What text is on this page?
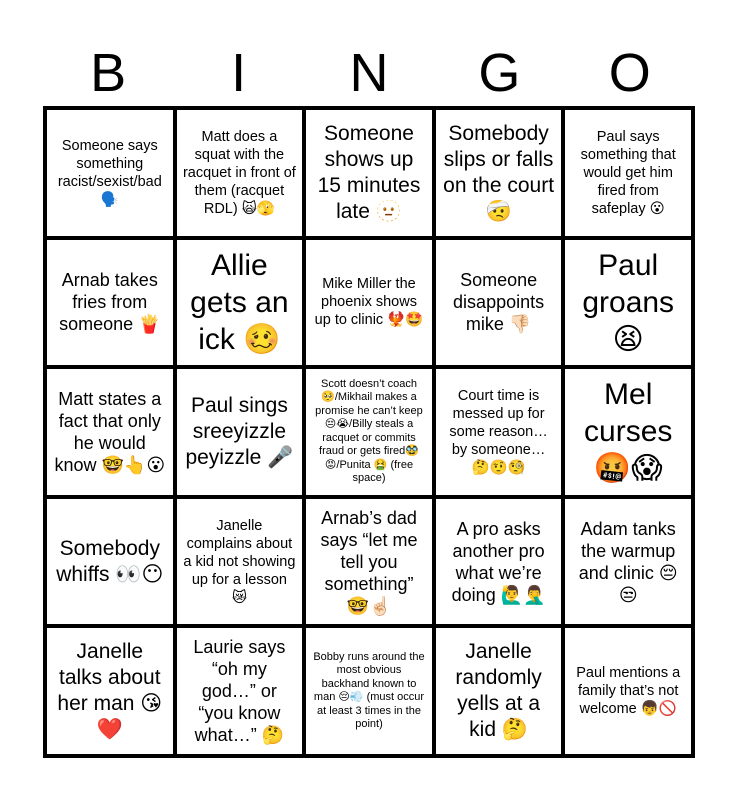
B	I	N	G	O
Someone says something racist/sexist/bad 🗣️
Matt does a squat with the racquet in front of them (racquet RDL) 🙀🫣
Someone shows up 15 minutes late 🫥
Somebody slips or falls on the court 🤕
Paul says something that would get him fired from safeplay 😮
Arnab takes fries from someone 🍟
Allie gets an ick 🥴
Mike Miller the phoenix shows up to clinic 🐦‍🔥🤩
Someone disappoints mike 👎🏻
Paul groans 😫
Matt states a fact that only he would know 🤓👆😮
Paul sings sreeyizzle peyizzle 🎤
Scott doesn’t coach 🥺/Mikhail makes a promise he can’t keep😔😭/Billy steals a racquet or commits fraud or gets fired🥸😡/Punita 🤮 (free space)
Court time is messed up for some reason… by someone… 🤔🤨🧐
Mel curses 🤬😱
Somebody whiffs 👀😶
Janelle complains about a kid not showing up for a lesson 😿
Arnab’s dad says “let me tell you something” 🤓☝🏻
A pro asks another pro what we’re doing 🙋‍♂️🤦‍♂️
Adam tanks the warmup and clinic 😔😒
Janelle talks about her man 😘❤️
Laurie says “oh my god…” or “you know what…” 🤔
Bobby runs around the most obvious backhand known to man 😔💨 (must occur at least 3 times in the point)
Janelle randomly yells at a kid 🤔
Paul mentions a family that’s not welcome 👦🚫
